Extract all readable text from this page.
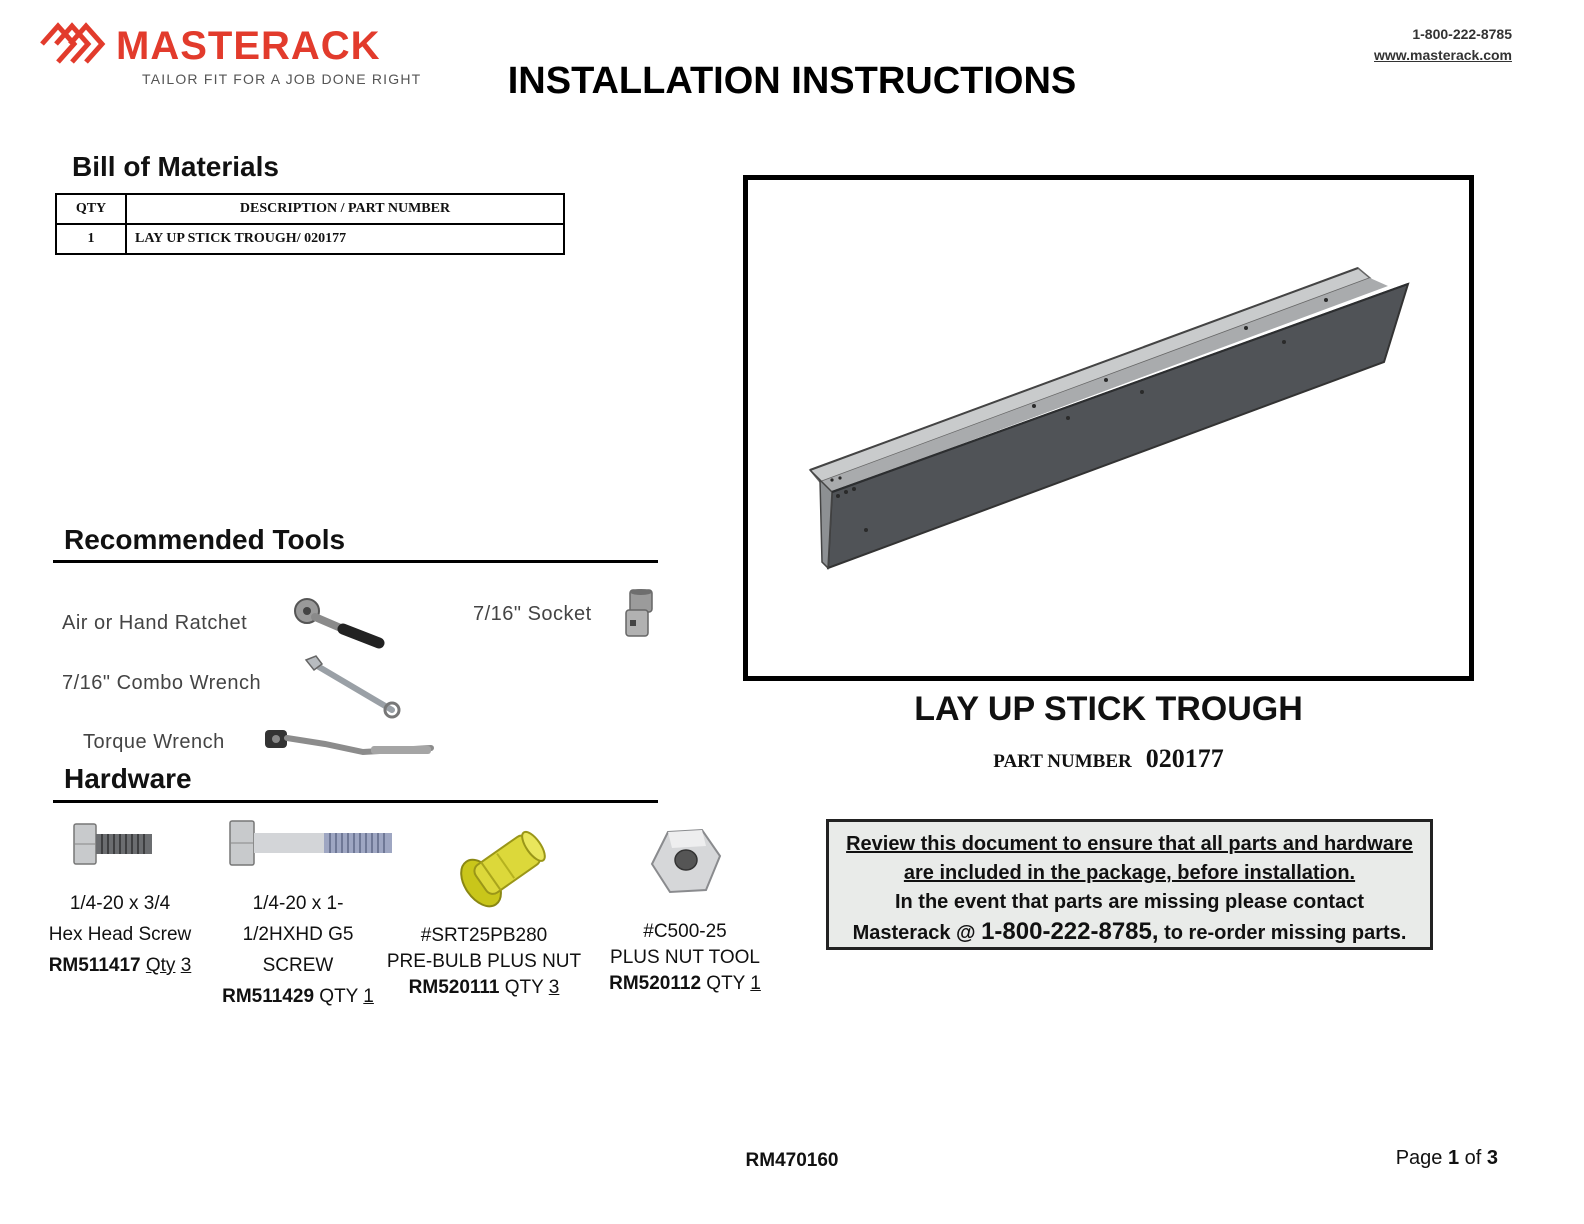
MASTERACK
TAILOR FIT FOR A JOB DONE RIGHT
1-800-222-8785
www.masterack.com
INSTALLATION INSTRUCTIONS
Bill of Materials
QTY	DESCRIPTION / PART NUMBER
1	LAY UP STICK TROUGH/ 020177
Recommended Tools
Air or Hand Ratchet
7/16" Combo Wrench
Torque Wrench
7/16" Socket
Hardware
1/4-20 x 3/4
Hex Head Screw
RM511417 Qty 3
1/4-20 x 1-
1/2HXHD G5
SCREW
RM511429 QTY 1
#SRT25PB280
PRE-BULB PLUS NUT
RM520111 QTY 3
#C500-25
PLUS NUT TOOL
RM520112 QTY 1
LAY UP STICK TROUGH
PART NUMBER 020177
Review this document to ensure that all parts and hardware
are included in the package, before installation.
In the event that parts are missing please contact
Masterack @ 1-800-222-8785, to re-order missing parts.
RM470160	Page 1 of 3
